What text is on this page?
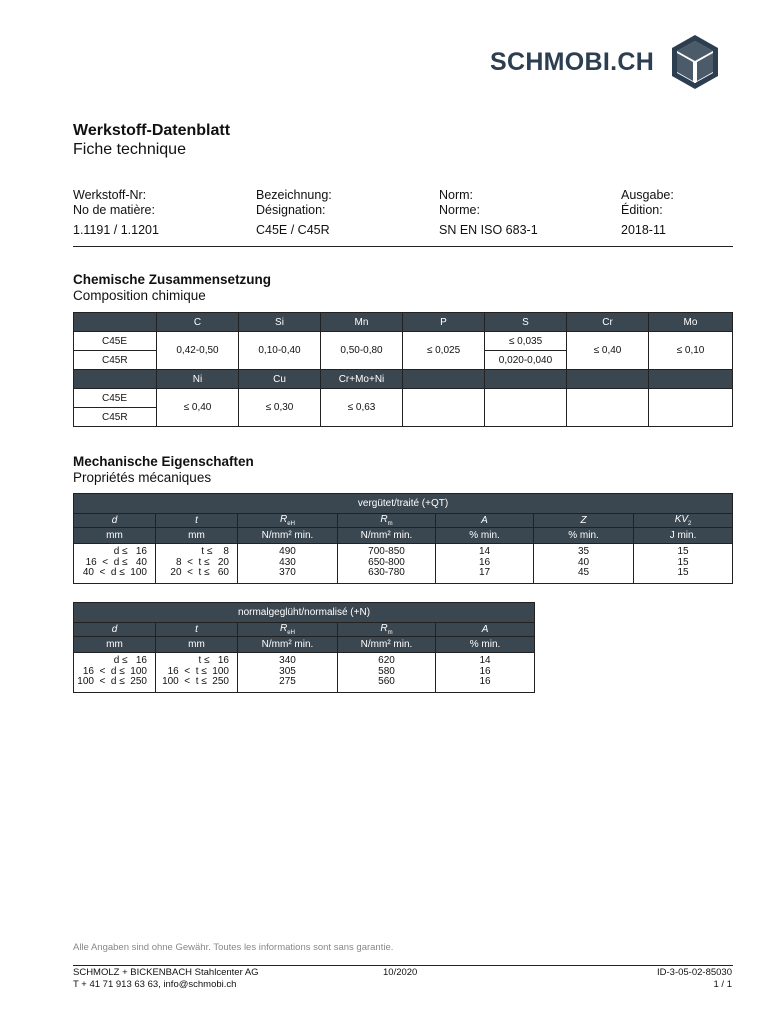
SCHMOBI.CH
Werkstoff-Datenblatt
Fiche technique
Werkstoff-Nr:
No de matière:
1.1191 / 1.1201
Bezeichnung:
Désignation:
C45E / C45R
Norm:
Norme:
SN EN ISO 683-1
Ausgabe:
Édition:
2018-11
Chemische Zusammensetzung
Composition chimique
	C	Si	Mn	P	S	Cr	Mo
C45E	0,42-0,50	0,10-0,40	0,50-0,80	≤ 0,025	≤ 0,035	≤ 0,40	≤ 0,10
C45R					0,020-0,040		
	Ni	Cu	Cr+Mo+Ni				
C45E	≤ 0,40	≤ 0,30	≤ 0,63				
C45R							
Mechanische Eigenschaften
Propriétés mécaniques
vergütet/traité (+QT)						
d	t	$R_{eH}$	$R_m$	A	Z	$KV_2$
mm	mm	N/mm² min.	N/mm² min.	% min.	% min.	J min.

d ≤   16
16  <  d ≤   40
40  <  d ≤  100	t ≤    8
8  <  t ≤   20
20  <  t ≤   60	490
430
370	700-850
650-800
630-780	14
16
17	35
40
45	15
15
15
normalgeglüht/normalisé (+N)				
d	t	$R_{eH}$	$R_m$	A
mm	mm	N/mm² min.	N/mm² min.	% min.

d ≤   16
16  <  d ≤  100
100  <  d ≤  250	t ≤   16
16  <  t ≤  100
100  <  t ≤  250	340
305
275	620
580
560	14
16
16
Alle Angaben sind ohne Gewähr. Toutes les informations sont sans garantie.
SCHMOLZ + BICKENBACH Stahlcenter AG
T + 41 71 913 63 63, info@schmobi.ch
10/2020	ID-3-05-02-85030
1 / 1
